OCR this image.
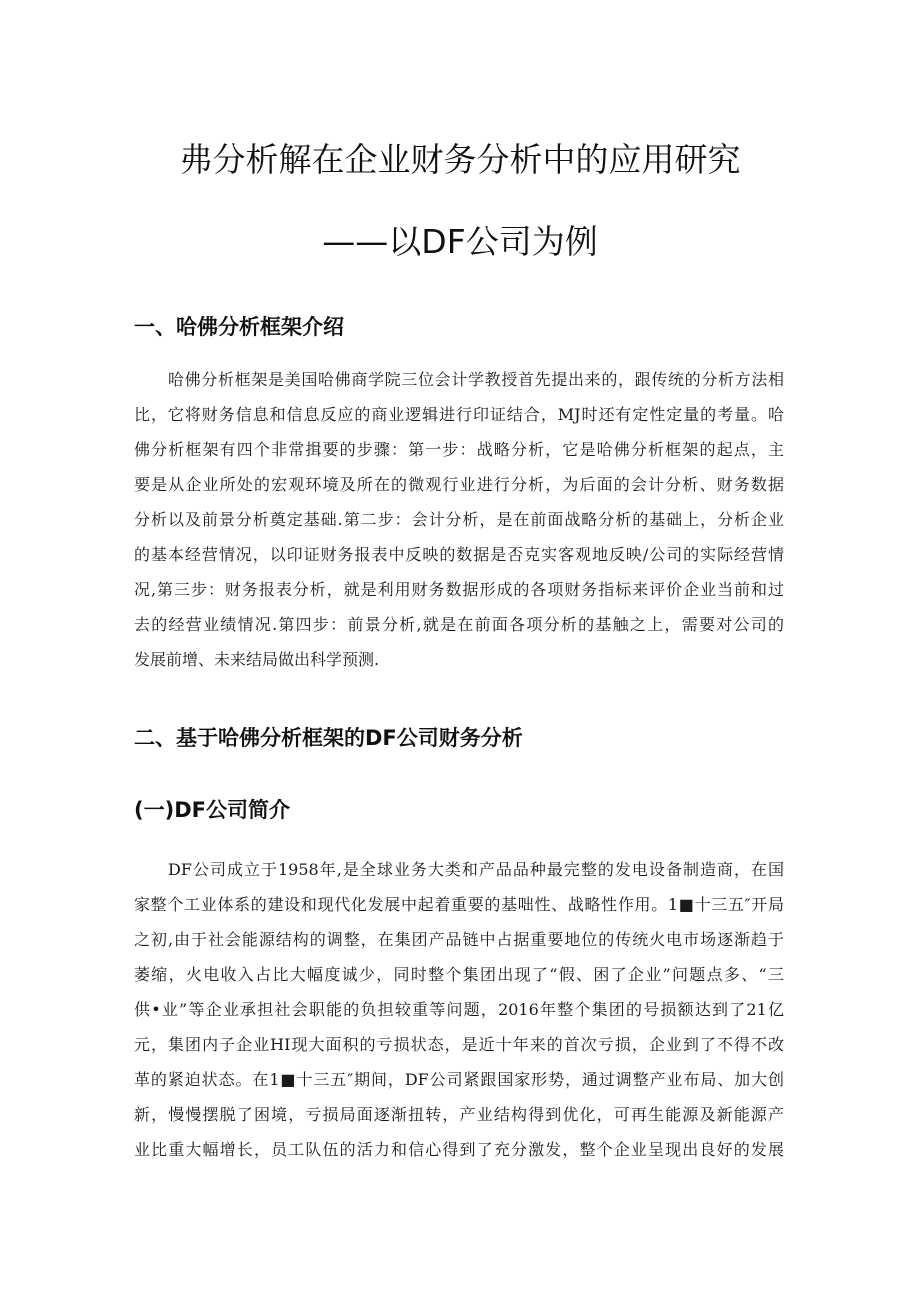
弗分析解在企业财务分析中的应用研究
——以DF公司为例
一、哈佛分析框架介绍
哈佛分析框架是美国哈佛商学院三位会计学教授首先提出来的，跟传统的分析方法相
比，它将财务信息和信息反应的商业逻辑进行印证结合，MJ时还有定性定量的考量。哈
佛分析框架有四个非常揖要的步骤：第一步：战略分析，它是哈佛分析框架的起点，主
要是从企业所处的宏观环境及所在的微观行业进行分析，为后面的会计分析、财务数据
分析以及前景分析奠定基础.第二步：会计分析，是在前面战略分析的基础上，分析企业
的基本经营情况，以印证财务报表中反映的数据是否克实客观地反映/公司的实际经营情
况,第三步：财务报表分析，就是利用财务数据形成的各项财务指标来评价企业当前和过
去的经营业绩情况.第四步：前景分析,就是在前面各项分析的基触之上，需要对公司的
发展前增、未来结局做出科学预测.
二、基于哈佛分析框架的DF公司财务分析
(一)DF公司简介
DF公司成立于1958年,是全球业务大类和产品品种最完整的发电设备制造商，在国
家整个工业体系的建设和现代化发展中起着重要的基咄性、战略性作用。1■十三五″开局
之初,由于社会能源结构的调整，在集团产品链中占据重要地位的传统火电市场逐渐趋于
萎缩，火电收入占比大幅度诚少，同时整个集团出现了“假、困了企业”问题点多、“三
供•业”等企业承担社会职能的负担较重等问题，2016年整个集团的号损额达到了21亿
元，集团内子企业HI现大面积的亏损状态，是近十年来的首次亏损，企业到了不得不改
革的紧迫状态。在1■十三五″期间，DF公司紧跟国家形势，通过调整产业布局、加大创
新，慢慢摆脱了困境，亏损局面逐渐扭转，产业结构得到优化，可再生能源及新能源产
业比重大幅增长，员工队伍的活力和信心得到了充分激发，整个企业呈现出良好的发展
